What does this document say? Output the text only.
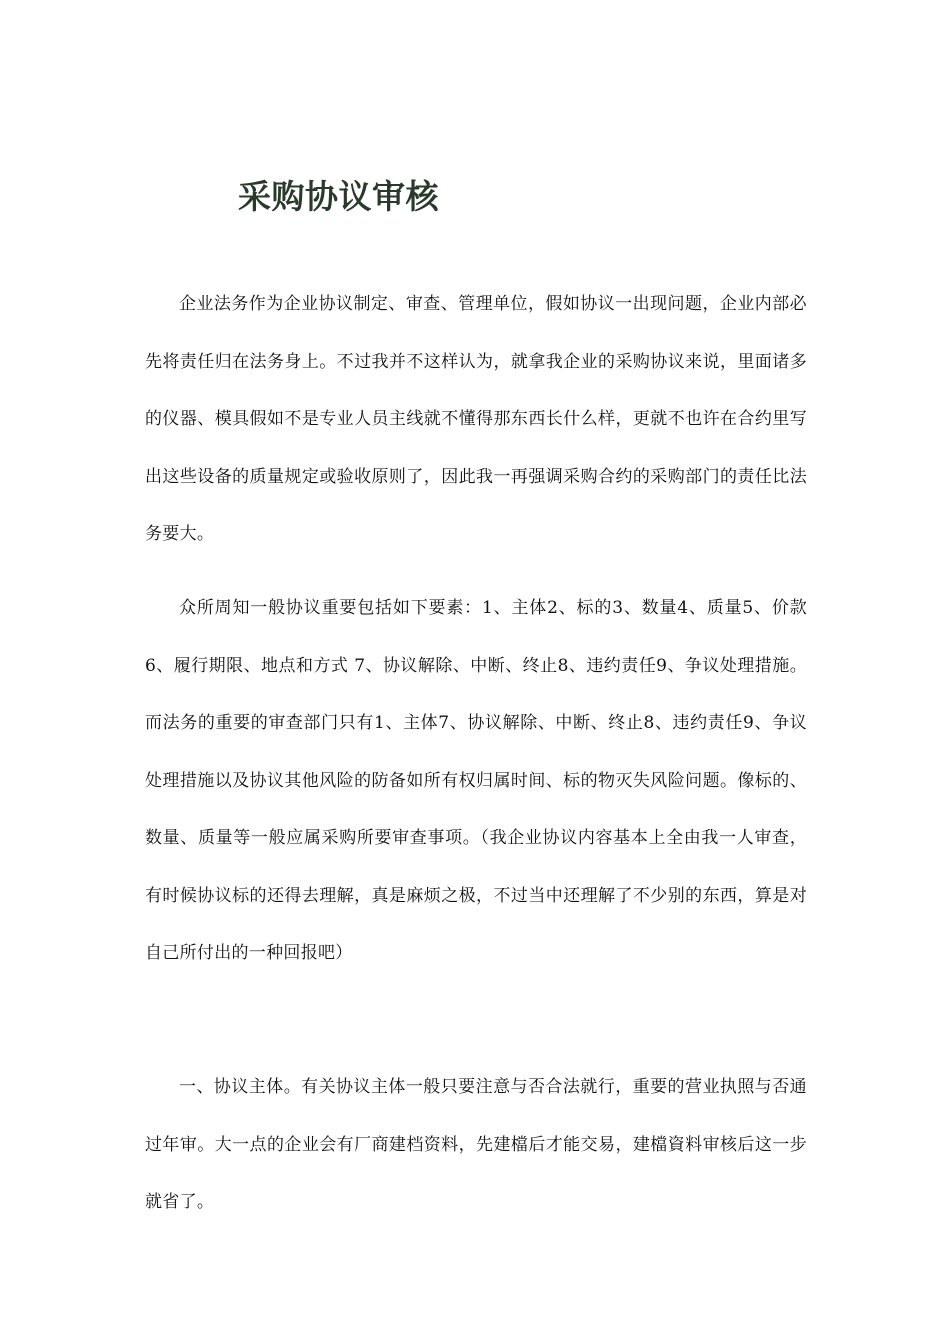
采购协议审核

企业法务作为企业协议制定、审查、管理单位，假如协议一出现问题，企业内部必先将责任归在法务身上。不过我并不这样认为，就拿我企业的采购协议来说，里面诸多的仪器、模具假如不是专业人员主线就不懂得那东西长什么样，更就不也许在合约里写出这些设备的质量规定或验收原则了，因此我一再强调采购合约的采购部门的责任比法务要大。

众所周知一般协议重要包括如下要素：1、主体2、标的3、数量4、质量5、价款6、履行期限、地点和方式 7、协议解除、中断、终止8、违约责任9、争议处理措施。而法务的重要的审查部门只有1、主体7、协议解除、中断、终止8、违约责任9、争议处理措施以及协议其他风险的防备如所有权归属时间、标的物灭失风险问题。像标的、数量、质量等一般应属采购所要审查事项。（我企业协议内容基本上全由我一人审查，有时候协议标的还得去理解，真是麻烦之极，不过当中还理解了不少别的东西，算是对自己所付出的一种回报吧）

一、协议主体。有关协议主体一般只要注意与否合法就行，重要的营业执照与否通过年审。大一点的企业会有厂商建档资料，先建檔后才能交易，建檔資料审核后这一步就省了。
